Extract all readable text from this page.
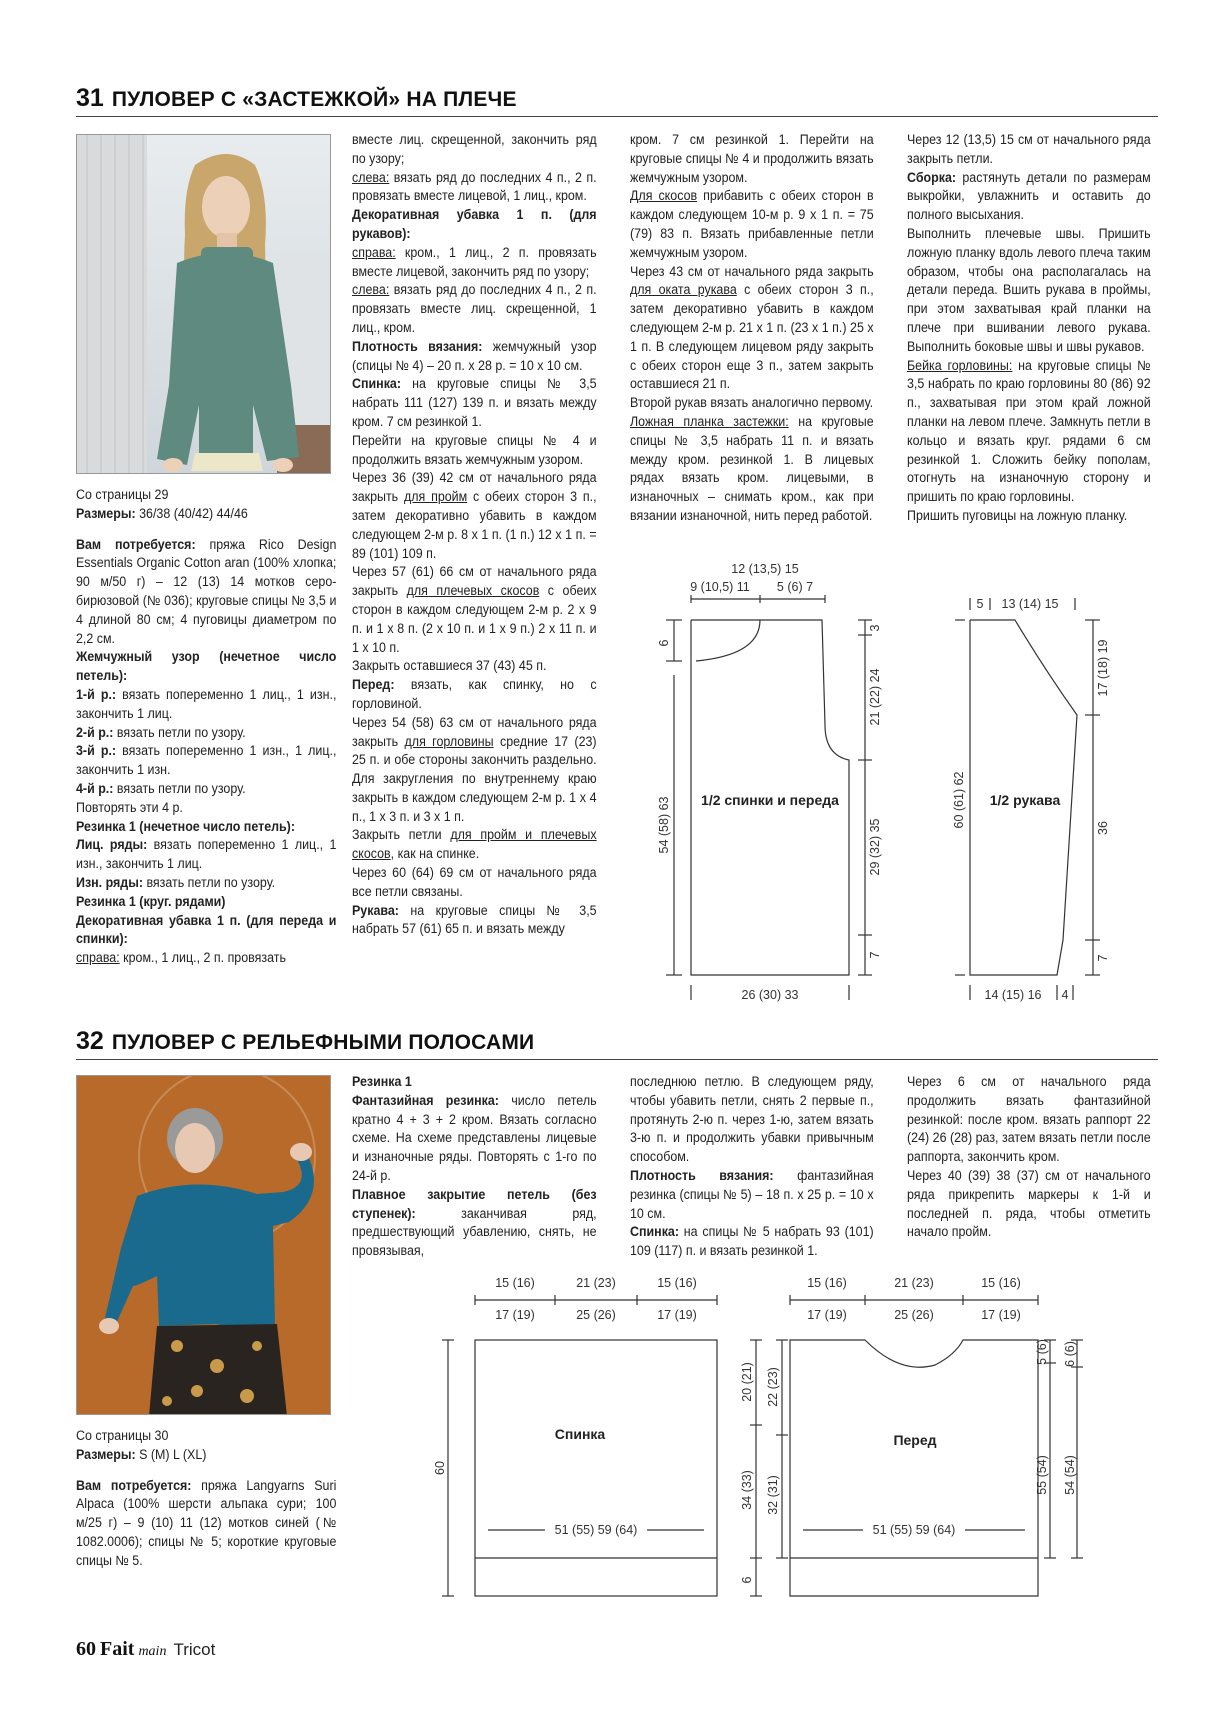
31 ПУЛОВЕР С «ЗАСТЕЖКОЙ» НА ПЛЕЧЕ

Со страницы 29

Размеры: 36/38 (40/42) 44/46

Вам потребуется: пряжа Rico Design Essentials Organic Cotton aran (100% хлопка; 90 м/50 г) – 12 (13) 14 мотков серо-бирюзовой (№ 036); круговые спицы № 3,5 и 4 длиной 80 см; 4 пуговицы диаметром по 2,2 см.

Жемчужный узор (нечетное число петель):

1-й р.: вязать попеременно 1 лиц., 1 изн., закончить 1 лиц.

2-й р.: вязать петли по узору.

3-й р.: вязать попеременно 1 изн., 1 лиц., закончить 1 изн.

4-й р.: вязать петли по узору.

Повторять эти 4 р.

Резинка 1 (нечетное число петель):

Лиц. ряды: вязать попеременно 1 лиц., 1 изн., закончить 1 лиц.

Изн. ряды: вязать петли по узору.

Резинка 1 (круг. рядами)

Декоративная убавка 1 п. (для переда и спинки):

справа: кром., 1 лиц., 2 п. провязать

вместе лиц. скрещенной, закончить ряд по узору;

слева: вязать ряд до последних 4 п., 2 п. провязать вместе лицевой, 1 лиц., кром.

Декоративная убавка 1 п. (для рукавов):

справа: кром., 1 лиц., 2 п. провязать вместе лицевой, закончить ряд по узору;

слева: вязать ряд до последних 4 п., 2 п. провязать вместе лиц. скрещенной, 1 лиц., кром.

Плотность вязания: жемчужный узор (спицы № 4) – 20 п. х 28 р. = 10 х 10 см.

Спинка: на круговые спицы № 3,5 набрать 111 (127) 139 п. и вязать между кром. 7 см резинкой 1.

Перейти на круговые спицы № 4 и продолжить вязать жемчужным узором.

Через 36 (39) 42 см от начального ряда закрыть для пройм с обеих сторон 3 п., затем декоративно убавить в каждом следующем 2-м р. 8 х 1 п. (1 п.) 12 х 1 п. = 89 (101) 109 п.

Через 57 (61) 66 см от начального ряда закрыть для плечевых скосов с обеих сторон в каждом следующем 2-м р. 2 х 9 п. и 1 х 8 п. (2 х 10 п. и 1 х 9 п.) 2 х 11 п. и 1 х 10 п.

Закрыть оставшиеся 37 (43) 45 п.

Перед: вязать, как спинку, но с горловиной.

Через 54 (58) 63 см от начального ряда закрыть для горловины средние 17 (23) 25 п. и обе стороны закончить раздельно. Для закругления по внутреннему краю закрыть в каждом следующем 2-м р. 1 х 4 п., 1 х 3 п. и 3 х 1 п.

Закрыть петли для пройм и плечевых скосов, как на спинке.

Через 60 (64) 69 см от начального ряда все петли связаны.

Рукава: на круговые спицы № 3,5 набрать 57 (61) 65 п. и вязать между

кром. 7 см резинкой 1. Перейти на круговые спицы № 4 и продолжить вязать жемчужным узором.

Для скосов прибавить с обеих сторон в каждом следующем 10-м р. 9 х 1 п. = 75 (79) 83 п. Вязать прибавленные петли жемчужным узором.

Через 43 см от начального ряда закрыть для оката рукава с обеих сторон 3 п., затем декоративно убавить в каждом следующем 2-м р. 21 х 1 п. (23 х 1 п.) 25 х 1 п. В следующем лицевом ряду закрыть с обеих сторон еще 3 п., затем закрыть оставшиеся 21 п.

Второй рукав вязать аналогично первому.

Ложная планка застежки: на круговые спицы № 3,5 набрать 11 п. и вязать между кром. резинкой 1. В лицевых рядах вязать кром. лицевыми, в изнаночных – снимать кром., как при вязании изнаночной, нить перед работой.

Через 12 (13,5) 15 см от начального ряда закрыть петли.

Сборка: растянуть детали по размерам выкройки, увлажнить и оставить до полного высыхания.

Выполнить плечевые швы. Пришить ложную планку вдоль левого плеча таким образом, чтобы она располагалась на детали переда. Вшить рукава в проймы, при этом захватывая край планки на плече при вшивании левого рукава. Выполнить боковые швы и швы рукавов.

Бейка горловины: на круговые спицы № 3,5 набрать по краю горловины 80 (86) 92 п., захватывая при этом край ложной планки на левом плече. Замкнуть петли в кольцо и вязать круг. рядами 6 см резинкой 1. Сложить бейку пополам, отогнуть на изнаночную сторону и пришить по краю горловины.

Пришить пуговицы на ложную планку.

12 (13,5) 15
9 (10,5) 11 5 (6) 7
6
54 (58) 63
3
21 (22) 24
29 (32) 35
7
1/2 спинки и переда
26 (30) 33
5 13 (14) 15
60 (61) 62
17 (18) 19
36
7
1/2 рукава
14 (15) 16 4
32 ПУЛОВЕР С РЕЛЬЕФНЫМИ ПОЛОСАМИ

Со страницы 30

Размеры: S (M) L (XL)

Вам потребуется: пряжа Langyarns Suri Alpaca (100% шерсти альпака сури; 100 м/25 г) – 9 (10) 11 (12) мотков синей (№ 1082.0006); спицы № 5; короткие круговые спицы № 5.

Резинка 1

Фантазийная резинка: число петель кратно 4 + 3 + 2 кром. Вязать согласно схеме. На схеме представлены лицевые и изнаночные ряды. Повторять с 1-го по 24-й р.

Плавное закрытие петель (без ступенек): заканчивая ряд, предшествующий убавлению, снять, не провязывая,

последнюю петлю. В следующем ряду, чтобы убавить петли, снять 2 первые п., протянуть 2-ю п. через 1-ю, затем вязать 3-ю п. и продолжить убавки привычным способом.

Плотность вязания: фантазийная резинка (спицы № 5) – 18 п. х 25 р. = 10 х 10 см.

Спинка: на спицы № 5 набрать 93 (101) 109 (117) п. и вязать резинкой 1.

Через 6 см от начального ряда продолжить вязать фантазийной резинкой: после кром. вязать раппорт 22 (24) 26 (28) раз, затем вязать петли после раппорта, закончить кром.

Через 40 (39) 38 (37) см от начального ряда прикрепить маркеры к 1-й и последней п. ряда, чтобы отметить начало пройм.

15 (16)	21 (23)	15 (16)
17 (19)	25 (26)	17 (19)
60
Спинка
51 (55) 59 (64)
20 (21) 22 (23)
34 (33) 32 (31)
6
15 (16)	21 (23)	15 (16)
17 (19)	25 (26)	17 (19)
5 (6) 6 (6)
55 (54) 54 (54)
Перед
51 (55) 59 (64)
60 Fait main Tricot
